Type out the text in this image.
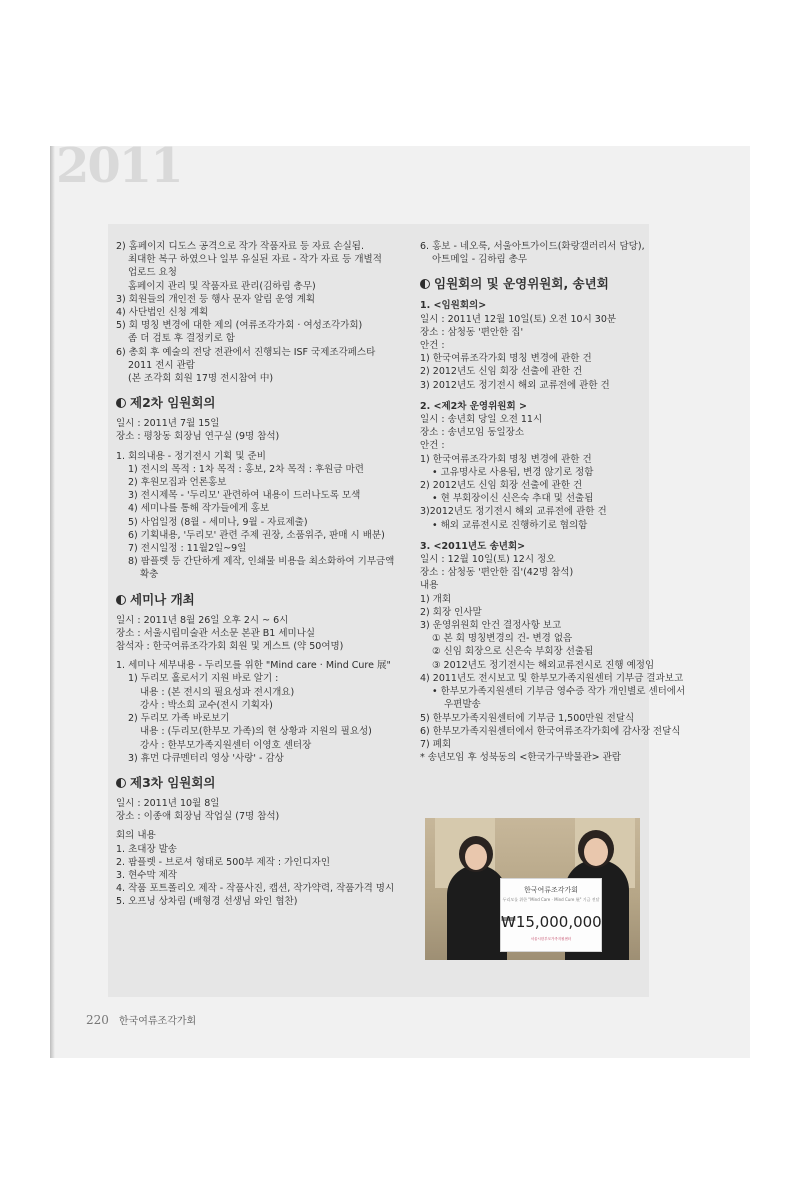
2011
2) 홈페이지 디도스 공격으로 작가 작품자료 등 자료 손실됨.
최대한 복구 하였으나 일부 유실된 자료 - 작가 자료 등 개별적
업로드 요청
홈페이지 관리 및 작품자료 관리(김하림 총무)
3) 회원들의 개인전 등 행사 문자 알림 운영 계획
4) 사단법인 신청 계획
5) 회 명칭 변경에 대한 제의 (여류조각가회 · 여성조각가회)
좀 더 검토 후 결정키로 함
6) 총회 후 예술의 전당 전관에서 진행되는 ISF 국제조각페스타
2011 전시 관람
(본 조각회 회원 17명 전시참여 中)
제2차 임원회의
일시 : 2011년 7월 15일
장소 : 평창동 회장님 연구실 (9명 참석)
1. 회의내용 - 정기전시 기획 및 준비
1) 전시의 목적 : 1차 목적 : 홍보, 2차 목적 : 후원금 마련
2) 후원모집과 언론홍보
3) 전시제목 - '두리모' 관련하여 내용이 드러나도록 모색
4) 세미나를 통해 작가들에게 홍보
5) 사업일정 (8월 - 세미나, 9월 - 자료제출)
6) 기획내용, '두리모' 관련 주제 권장, 소품위주, 판매 시 배분)
7) 전시일정 : 11월2일~9일
8) 팜플렛 등 간단하게 제작, 인쇄물 비용을 최소화하여 기부금액
확충
세미나 개최
일시 : 2011년 8월 26일 오후 2시 ~ 6시
장소 : 서울시립미술관 서소문 본관 B1 세미나실
참석자 : 한국여류조각가회 회원 및 게스트 (약 50여명)
1. 세미나 세부내용 - 두리모를 위한 "Mind care · Mind Cure 展"
1) 두리모 홀로서기 지원 바로 알기 :
내용 : (본 전시의 필요성과 전시개요)
강사 : 박소희 교수(전시 기획자)
2) 두리모 가족 바로보기
내용 : (두리모(한부모 가족)의 현 상황과 지원의 필요성)
강사 : 한부모가족지원센터 이영호 센터장
3) 휴먼 다큐멘터리 영상 '사랑' - 감상
제3차 임원회의
일시 : 2011년 10월 8일
장소 : 이종애 회장님 작업실 (7명 참석)
회의 내용
1. 초대장 발송
2. 팜플렛 - 브로셔 형태로 500부 제작 : 가인디자인
3. 현수막 제작
4. 작품 포트폴리오 제작 - 작품사진, 캡션, 작가약력, 작품가격 명시
5. 오프닝 상차림 (배형경 선생님 와인 협찬)
6. 홍보 - 네오룩, 서울아트가이드(화랑갤러리서 담당),
아트메일 - 김하림 총무
임원회의 및 운영위원회, 송년회
1. <임원회의>
일시 : 2011년 12월 10일(토) 오전 10시 30분
장소 : 삼청동 '편안한 집'
안건 :
1) 한국여류조각가회 명칭 변경에 관한 건
2) 2012년도 신임 회장 선출에 관한 건
3) 2012년도 정기전시 해외 교류전에 관한 건
2. <제2차 운영위원회 >
일시 : 송년회 당일 오전 11시
장소 : 송년모임 동일장소
안건 :
1) 한국여류조각가회 명칭 변경에 관한 건
• 고유명사로 사용됨, 변경 않기로 정함
2) 2012년도 신임 회장 선출에 관한 건
• 현 부회장이신 신은숙 추대 및 선출됨
3)2012년도 정기전시 해외 교류전에 관한 건
• 해외 교류전시로 진행하기로 협의함
3. <2011년도 송년회>
일시 : 12월 10일(토) 12시 정오
장소 : 삼청동 '편안한 집'(42명 참석)
내용
1) 개회
2) 회장 인사말
3) 운영위원회 안건 결정사항 보고
① 본 회 명칭변경의 건- 변경 없음
② 신임 회장으로 신은숙 부회장 선출됨
③ 2012년도 정기전시는 해외교류전시로 진행 예정임
4) 2011년도 전시보고 및 한부모가족지원센터 기부금 결과보고
• 한부모가족지원센터 기부금 영수증 작가 개인별로 센터에서
우편발송
5) 한부모가족지원센터에 기부금 1,500만원 전달식
6) 한부모가족지원센터에서 한국여류조각가회에 감사장 전달식
7) 폐회
* 송년모임 후 성북동의 <한국가구박물관> 관람
한국여류조각가회
두리모를 위한 "Mind Care · Mind Cure 展" 기금 전달
₩15,000,000
서울시한부모가족지원센터
220 한국여류조각가회
